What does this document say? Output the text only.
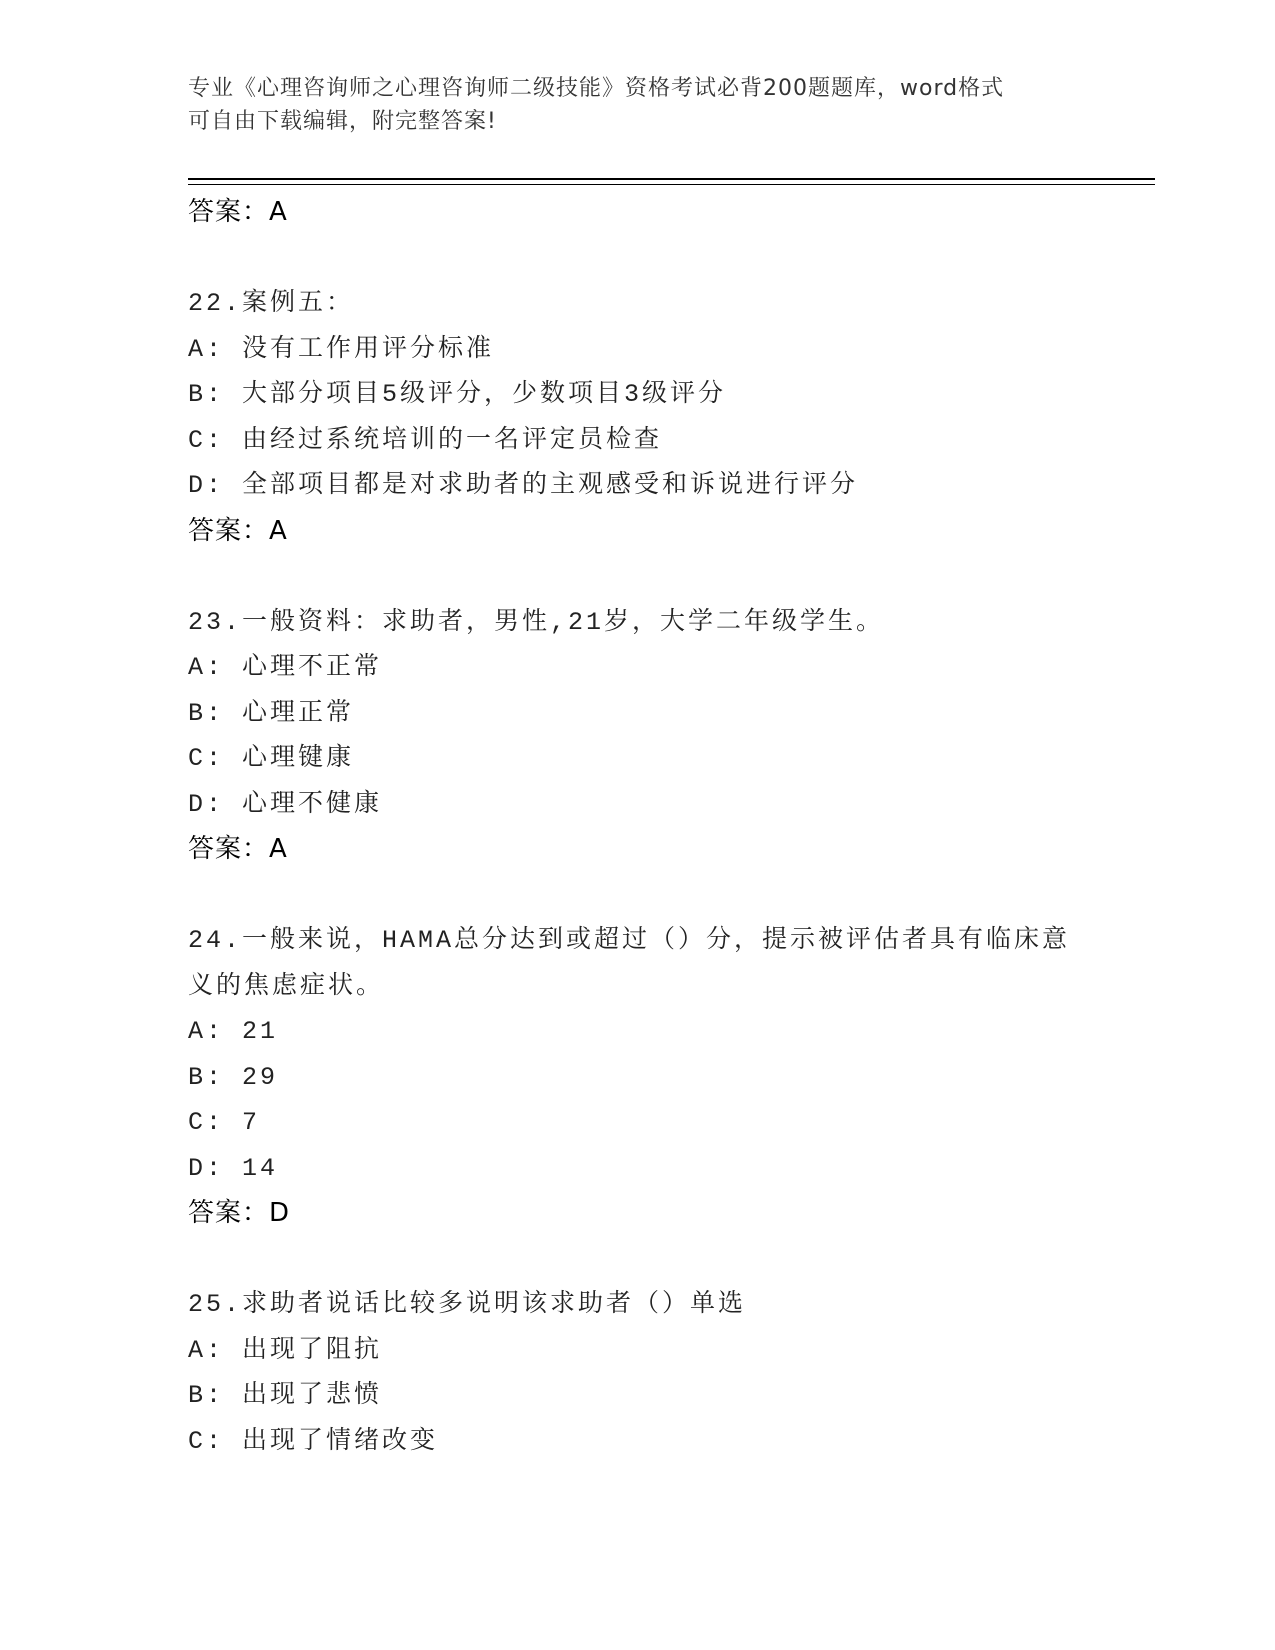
专业《心理咨询师之心理咨询师二级技能》资格考试必背200题题库，word格式
可自由下载编辑，附完整答案!
答案：A
22.案例五：
A: 没有工作用评分标准
B: 大部分项目5级评分，少数项目3级评分
C: 由经过系统培训的一名评定员检查
D: 全部项目都是对求助者的主观感受和诉说进行评分
答案：A
23.一般资料：求助者，男性,21岁，大学二年级学生。
A: 心理不正常
B: 心理正常
C: 心理键康
D: 心理不健康
答案：A
24.一般来说，HAMA总分达到或超过（）分，提示被评估者具有临床意
义的焦虑症状。
A: 21
B: 29
C: 7
D: 14
答案：D
25.求助者说话比较多说明该求助者（）单选
A: 出现了阻抗
B: 出现了悲愤
C: 出现了情绪改变
